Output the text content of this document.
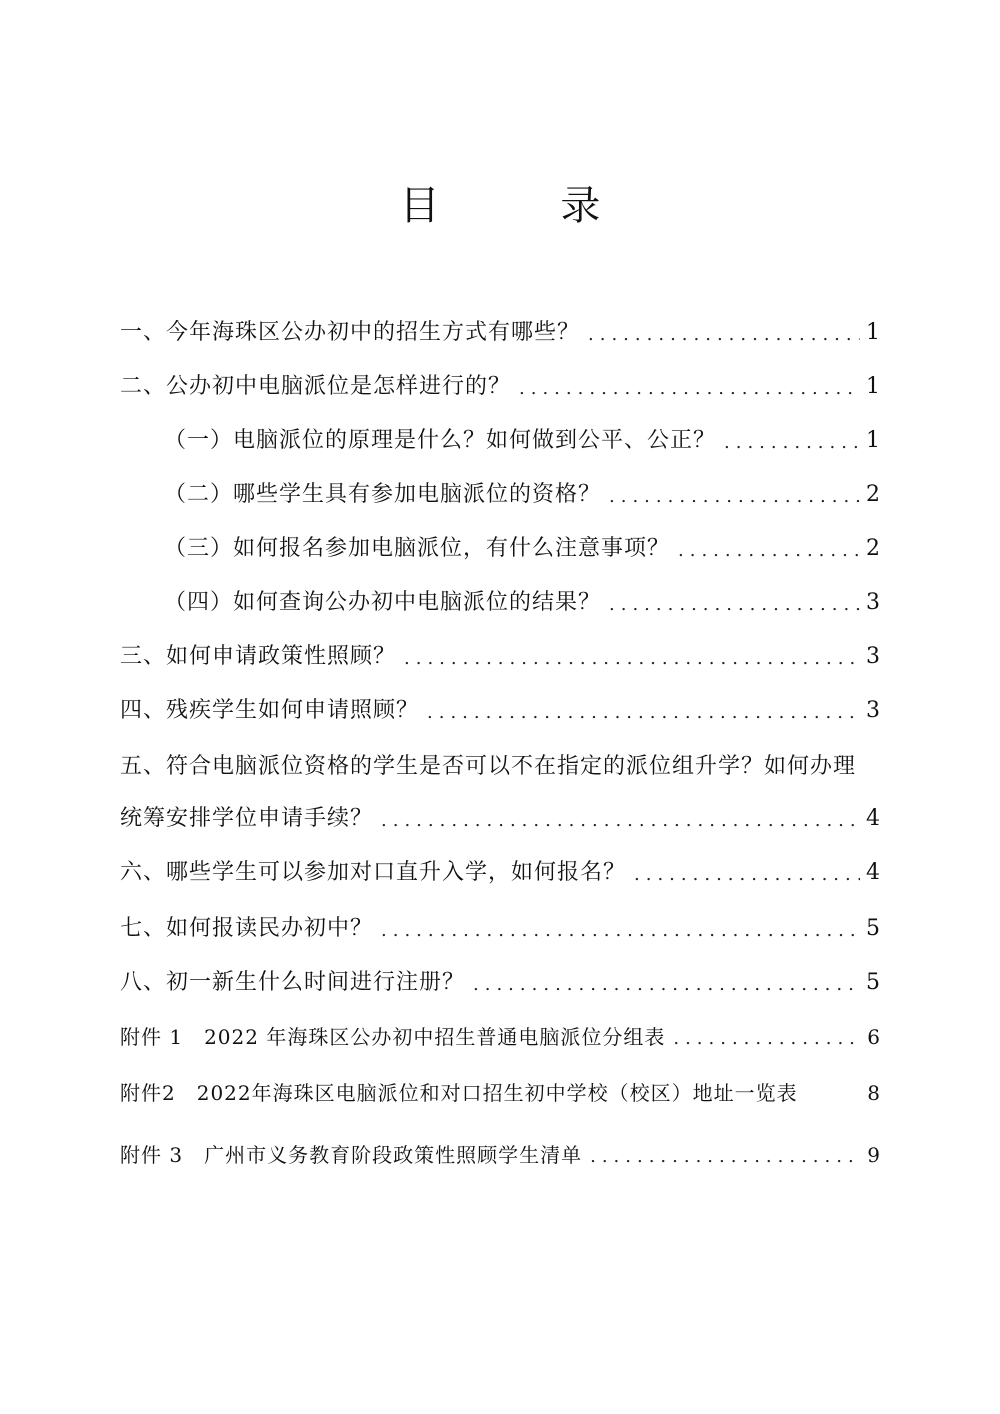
目 录
一、今年海珠区公办初中的招生方式有哪些？ .....	1
二、公办初中电脑派位是怎样进行的？ .....	1
（一）电脑派位的原理是什么？如何做到公平、公正？ .....	1
（二）哪些学生具有参加电脑派位的资格？ .....	2
（三）如何报名参加电脑派位，有什么注意事项？ .....	2
（四）如何查询公办初中电脑派位的结果？ .....	3
三、如何申请政策性照顾？ .....	3
四、残疾学生如何申请照顾？ .....	3
五、符合电脑派位资格的学生是否可以不在指定的派位组升学？如何办理
统筹安排学位申请手续？ .....	4
六、哪些学生可以参加对口直升入学，如何报名？ .....	4
七、如何报读民办初中？ .....	5
八、初一新生什么时间进行注册？ .....	5
附件 1　2022 年海珠区公办初中招生普通电脑派位分组表 .....	6
附件2　2022年海珠区电脑派位和对口招生初中学校（校区）地址一览表	8
附件 3　广州市义务教育阶段政策性照顾学生清单 .....	9
